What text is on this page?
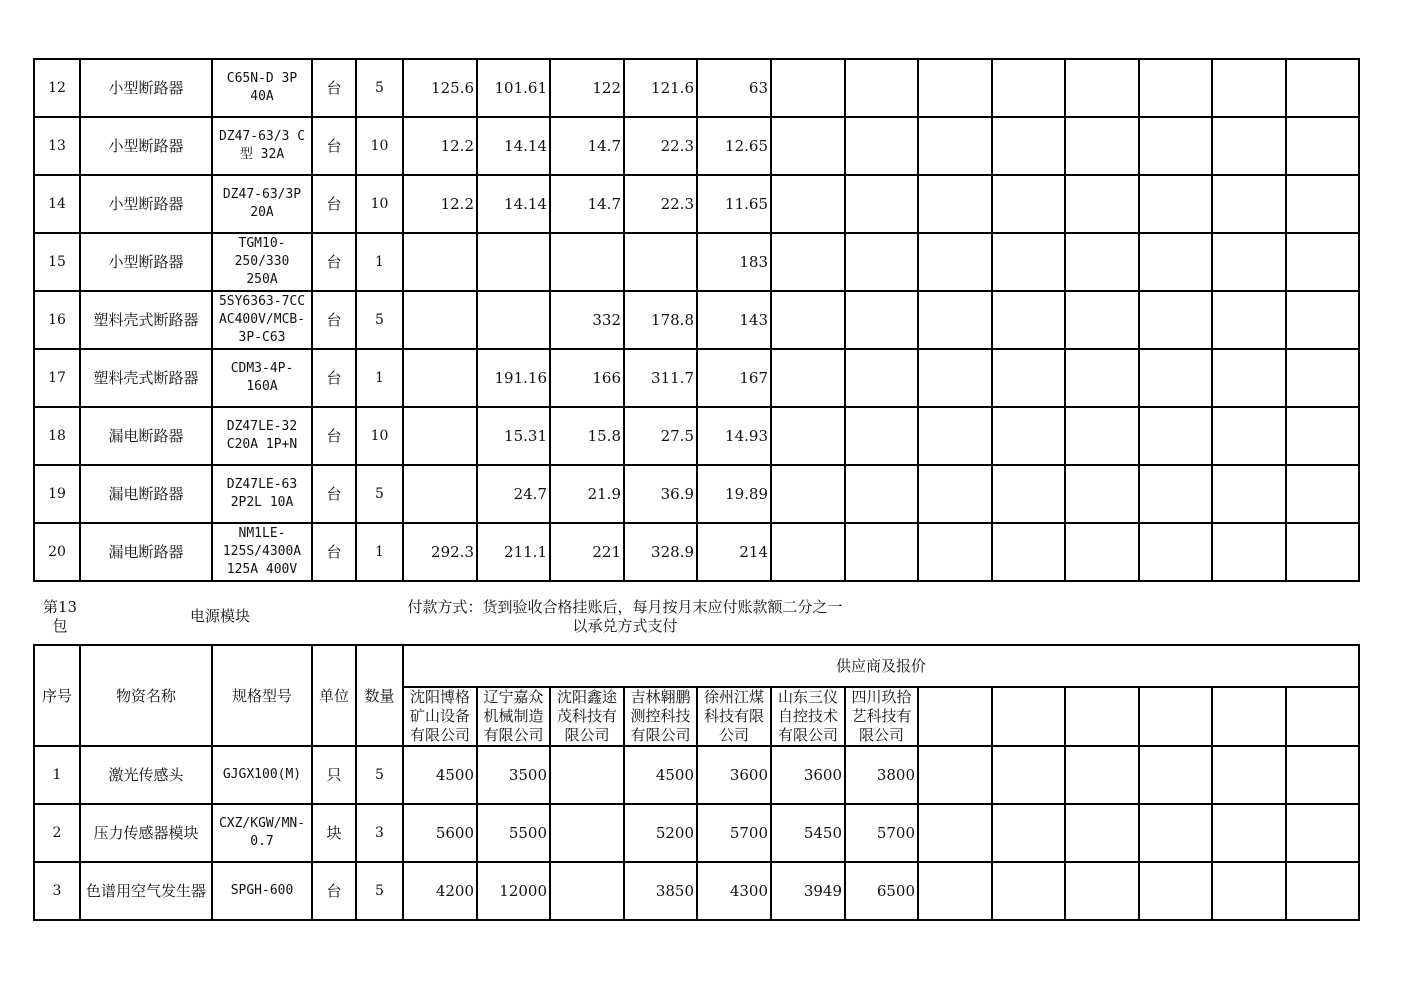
12	小型断路器	C65N-D 3P 40A	台	5	125.6	101.61	122	121.6	63								
13	小型断路器	DZ47-63/3 C型 32A	台	10	12.2	14.14	14.7	22.3	12.65								
14	小型断路器	DZ47-63/3P 20A	台	10	12.2	14.14	14.7	22.3	11.65								
15	小型断路器	TGM10-250/330 250A	台	1					183								
16	塑料壳式断路器	5SY6363-7CC AC400V/MCB-3P-C63	台	5			332	178.8	143								
17	塑料壳式断路器	CDM3-4P-160A	台	1		191.16	166	311.7	167								
18	漏电断路器	DZ47LE-32 C20A 1P+N	台	10		15.31	15.8	27.5	14.93								
19	漏电断路器	DZ47LE-63 2P2L 10A	台	5		24.7	21.9	36.9	19.89								
20	漏电断路器	NM1LE-125S/4300A 125A 400V	台	1	292.3	211.1	221	328.9	214								
第13包
电源模块	付款方式：货到验收合格挂账后，每月按月末应付账款额二分之一以承兑方式支付
序号	物资名称	规格型号	单位	数量	供应商及报价												
					沈阳博格矿山设备有限公司	辽宁嘉众机械制造有限公司	沈阳鑫途茂科技有限公司	吉林翱鹏测控科技有限公司	徐州江煤科技有限公司	山东三仪自控技术有限公司	四川玖拾艺科技有限公司						
1	激光传感头	GJGX100(M)	只	5	4500	3500		4500	3600	3600	3800						
2	压力传感器模块	CXZ/KGW/MN-0.7	块	3	5600	5500		5200	5700	5450	5700						
3	色谱用空气发生器	SPGH-600	台	5	4200	12000		3850	4300	3949	6500						
